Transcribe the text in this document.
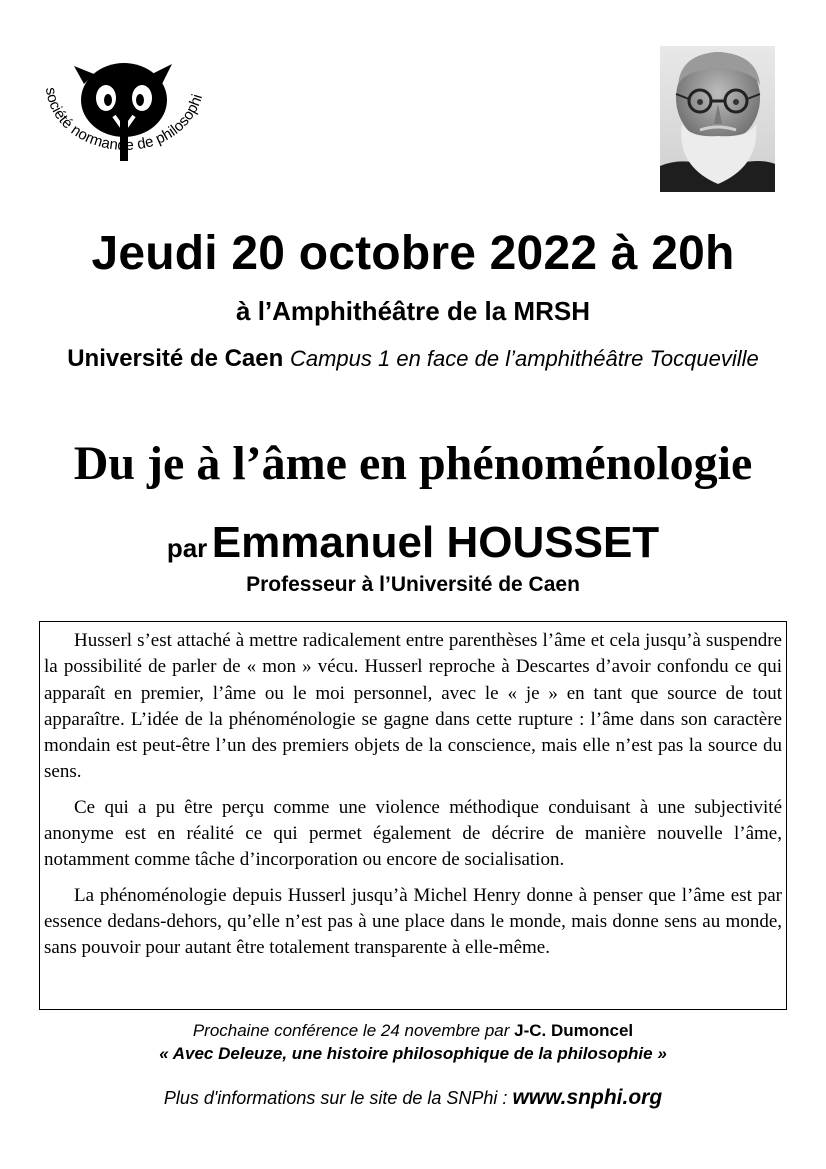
société normande de philosophi
Jeudi 20 octobre 2022 à 20h
à l’Amphithéâtre de la MRSH
Université de Caen Campus 1 en face de l’amphithéâtre Tocqueville
Du je à l’âme en phénoménologie
par Emmanuel HOUSSET
Professeur à l’Université de Caen

Husserl s’est attaché à mettre radicalement entre parenthèses l’âme et cela jusqu’à suspendre la possibilité de parler de « mon » vécu. Husserl reproche à Descartes d’avoir confondu ce qui apparaît en premier, l’âme ou le moi personnel, avec le « je » en tant que source de tout apparaître. L’idée de la phénoménologie se gagne dans cette rupture : l’âme dans son caractère mondain est peut-être l’un des premiers objets de la conscience, mais elle n’est pas la source du sens.

Ce qui a pu être perçu comme une violence méthodique conduisant à une subjectivité anonyme est en réalité ce qui permet également de décrire de manière nouvelle l’âme, notamment comme tâche d’incorporation ou encore de socialisation.

La phénoménologie depuis Husserl jusqu’à Michel Henry donne à penser que l’âme est par essence dedans-dehors, qu’elle n’est pas à une place dans le monde, mais donne sens au monde, sans pouvoir pour autant être totalement transparente à elle-même.

Prochaine conférence le 24 novembre par J-C. Dumoncel
« Avec Deleuze, une histoire philosophique de la philosophie »
Plus d'informations sur le site de la SNPhi : www.snphi.org
